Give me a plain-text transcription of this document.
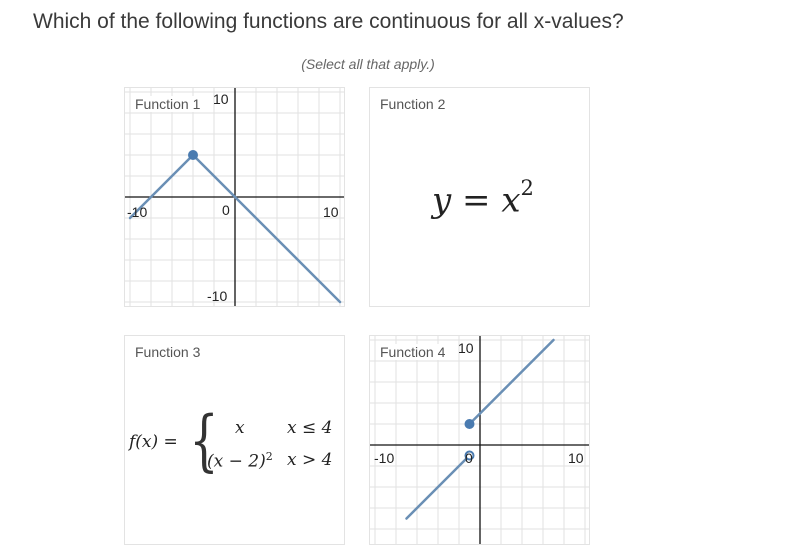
Which of the following functions are continuous for all x-values?
(Select all that apply.)
-10	10
0
10
-10
Function 1	Function 2
$y = x^2$
Function 3
f(x) = { x x ≤ 4
$(x - 2)^2$ x > 4	-10	10
0
10
Function 4
